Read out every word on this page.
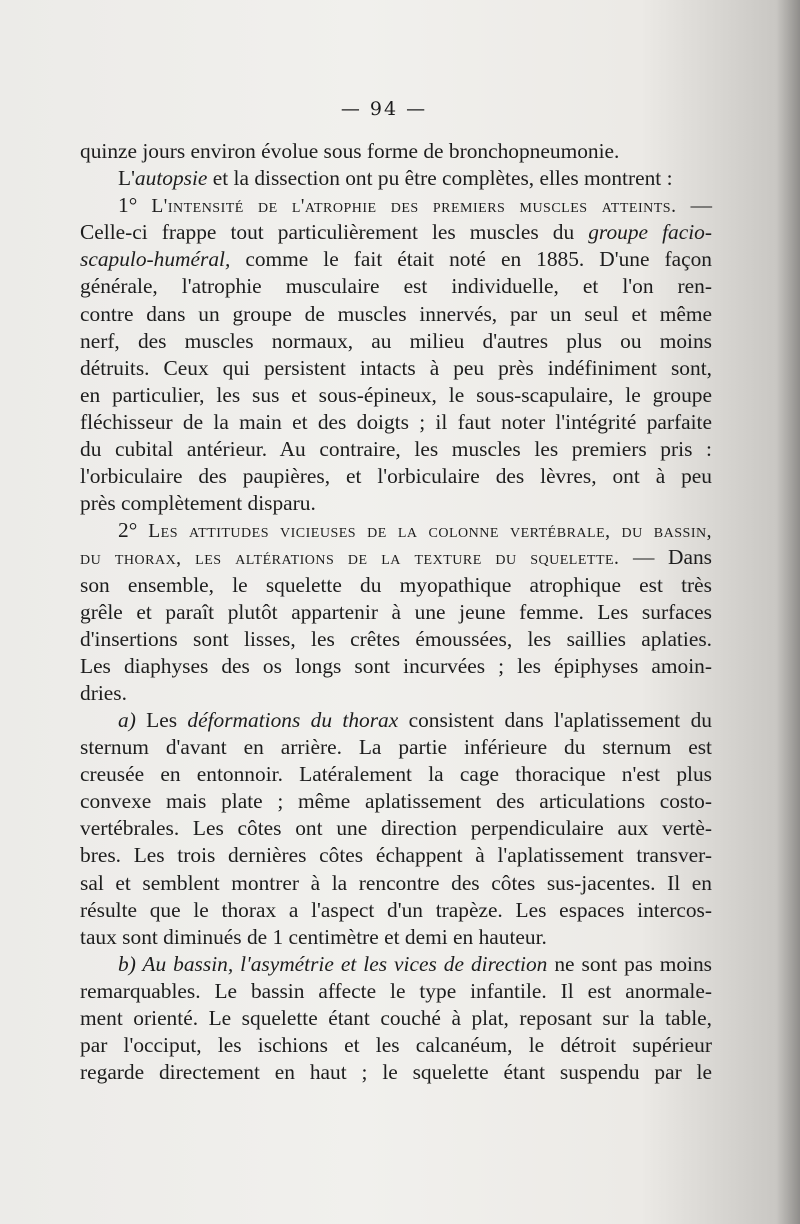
— 94 —
quinze jours environ évolue sous forme de bronchopneumonie.
L'autopsie et la dissection ont pu être complètes, elles montrent :
1° L'intensité de l'atrophie des premiers muscles atteints. —
Celle-ci frappe tout particulièrement les muscles du groupe facio-
scapulo-huméral, comme le fait était noté en 1885. D'une façon
générale, l'atrophie musculaire est individuelle, et l'on ren-
contre dans un groupe de muscles innervés, par un seul et même
nerf, des muscles normaux, au milieu d'autres plus ou moins
détruits. Ceux qui persistent intacts à peu près indéfiniment sont,
en particulier, les sus et sous-épineux, le sous-scapulaire, le groupe
fléchisseur de la main et des doigts ; il faut noter l'intégrité parfaite
du cubital antérieur. Au contraire, les muscles les premiers pris :
l'orbiculaire des paupières, et l'orbiculaire des lèvres, ont à peu
près complètement disparu.
2° Les attitudes vicieuses de la colonne vertébrale, du bassin,
du thorax, les altérations de la texture du squelette. — Dans
son ensemble, le squelette du myopathique atrophique est très
grêle et paraît plutôt appartenir à une jeune femme. Les surfaces
d'insertions sont lisses, les crêtes émoussées, les saillies aplaties.
Les diaphyses des os longs sont incurvées ; les épiphyses amoin-
dries.
a) Les déformations du thorax consistent dans l'aplatissement du
sternum d'avant en arrière. La partie inférieure du sternum est
creusée en entonnoir. Latéralement la cage thoracique n'est plus
convexe mais plate ; même aplatissement des articulations costo-
vertébrales. Les côtes ont une direction perpendiculaire aux vertè-
bres. Les trois dernières côtes échappent à l'aplatissement transver-
sal et semblent montrer à la rencontre des côtes sus-jacentes. Il en
résulte que le thorax a l'aspect d'un trapèze. Les espaces intercos-
taux sont diminués de 1 centimètre et demi en hauteur.
b) Au bassin, l'asymétrie et les vices de direction ne sont pas moins
remarquables. Le bassin affecte le type infantile. Il est anormale-
ment orienté. Le squelette étant couché à plat, reposant sur la table,
par l'occiput, les ischions et les calcanéum, le détroit supérieur
regarde directement en haut ; le squelette étant suspendu par le
